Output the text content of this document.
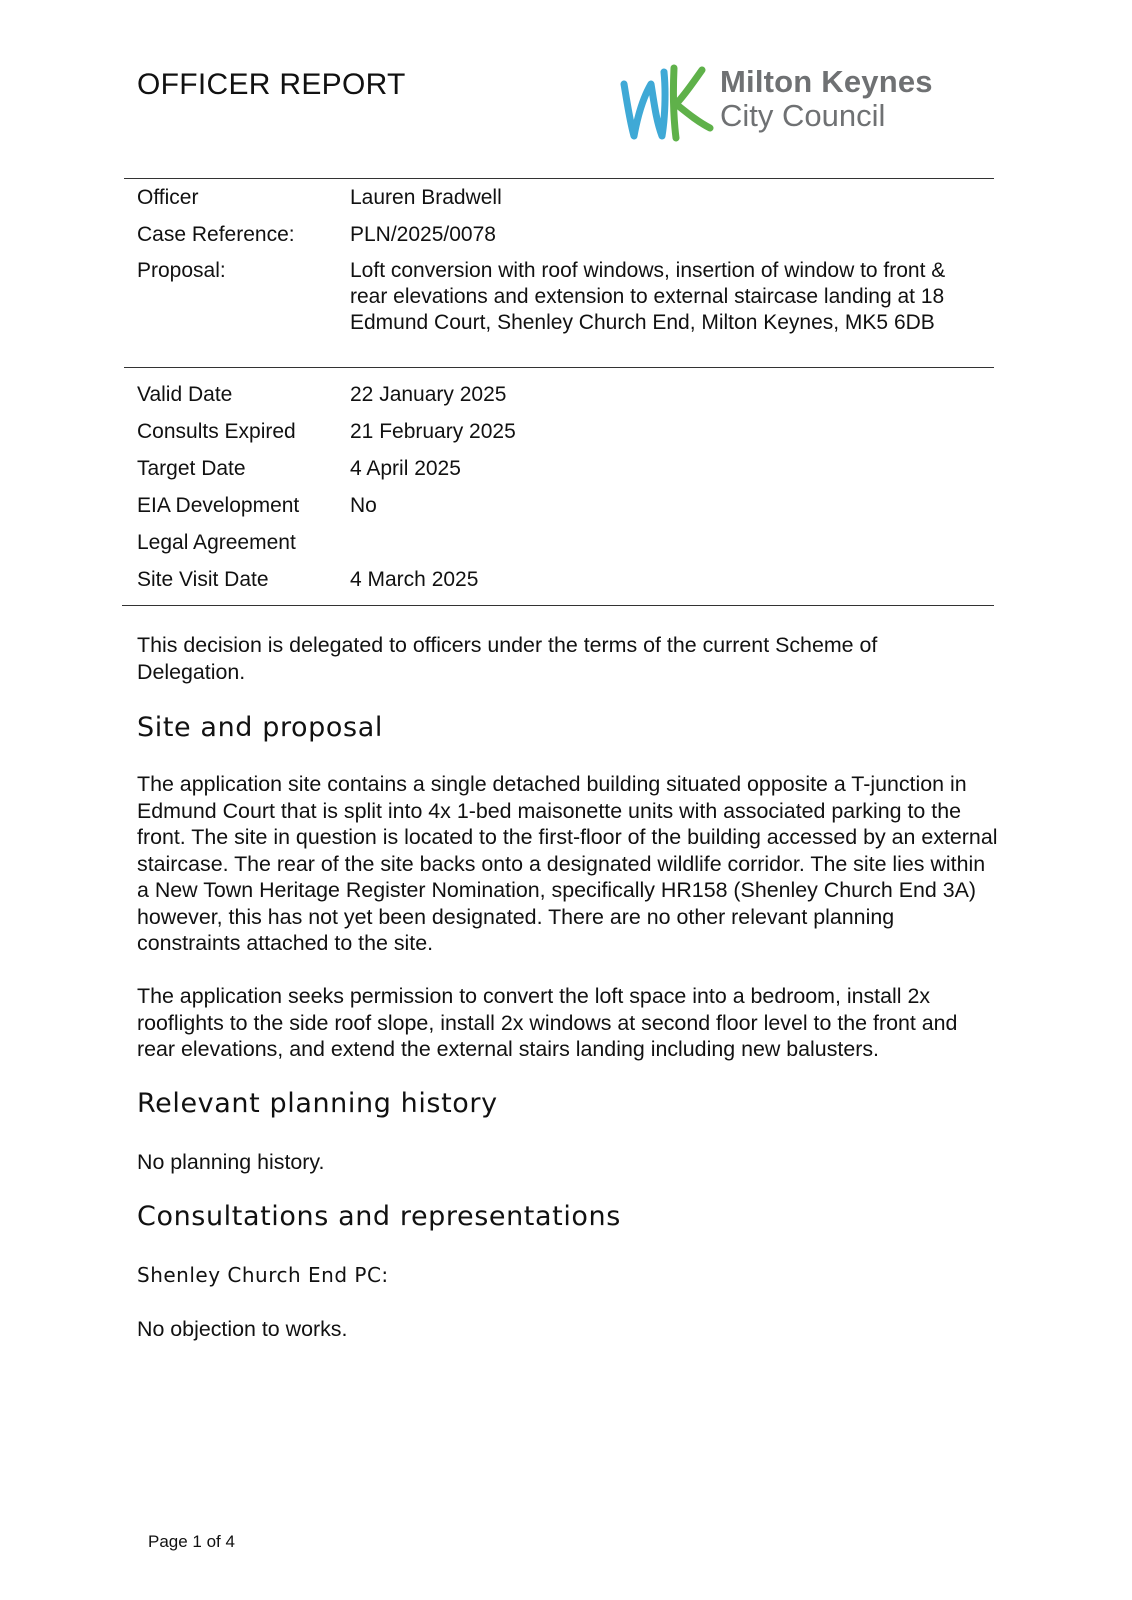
OFFICER REPORT	Milton Keynes
City Council
Officer	Lauren Bradwell
Case Reference:	PLN/2025/0078
Proposal:	Loft conversion with roof windows, insertion of window to front & rear elevations and extension to external staircase landing at 18 Edmund Court, Shenley Church End, Milton Keynes, MK5 6DB
Valid Date	22 January 2025
Consults Expired	21 February 2025
Target Date	4 April 2025
EIA Development	No
Legal Agreement
Site Visit Date	4 March 2025

This decision is delegated to officers under the terms of the current Scheme of Delegation.

Site and proposal

The application site contains a single detached building situated opposite a T-junction in Edmund Court that is split into 4x 1-bed maisonette units with associated parking to the front. The site in question is located to the first-floor of the building accessed by an external staircase. The rear of the site backs onto a designated wildlife corridor. The site lies within a New Town Heritage Register Nomination, specifically HR158 (Shenley Church End 3A) however, this has not yet been designated. There are no other relevant planning constraints attached to the site.

The application seeks permission to convert the loft space into a bedroom, install 2x rooflights to the side roof slope, install 2x windows at second floor level to the front and rear elevations, and extend the external stairs landing including new balusters.

Relevant planning history

No planning history.

Consultations and representations

Shenley Church End PC:

No objection to works.

Page 1 of 4
